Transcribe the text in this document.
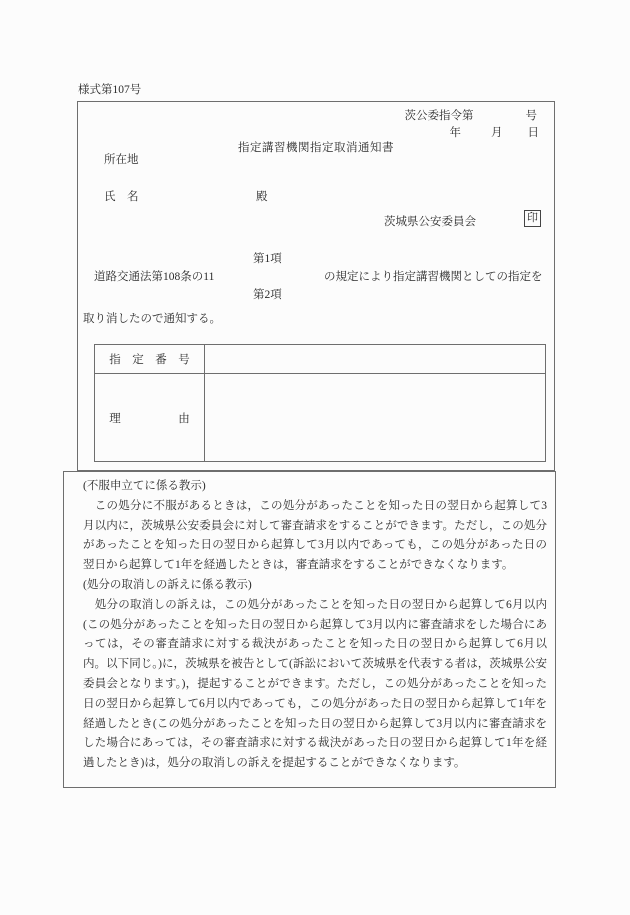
様式第107号
茨公委指令第	号
年	月 日
指定講習機関指定取消通知書
所在地
氏　名	殿
茨城県公安委員会	印
第1項
道路交通法第108条の11
第2項
の規定により指定講習機関としての指定を
取り消したので通知する。
指　定　番　号
理　　　　　由
(不服申立てに係る教示)
　この処分に不服があるときは，この処分があったことを知った日の翌日から起算して3月以内に，茨城県公安委員会に対して審査請求をすることができます。ただし，この処分があったことを知った日の翌日から起算して3月以内であっても，この処分があった日の翌日から起算して1年を経過したときは，審査請求をすることができなくなります。
(処分の取消しの訴えに係る教示)
　処分の取消しの訴えは，この処分があったことを知った日の翌日から起算して6月以内(この処分があったことを知った日の翌日から起算して3月以内に審査請求をした場合にあっては，その審査請求に対する裁決があったことを知った日の翌日から起算して6月以内。以下同じ。)に，茨城県を被告として(訴訟において茨城県を代表する者は，茨城県公安委員会となります。)，提起することができます。ただし，この処分があったことを知った日の翌日から起算して6月以内であっても，この処分があった日の翌日から起算して1年を経過したとき(この処分があったことを知った日の翌日から起算して3月以内に審査請求をした場合にあっては，その審査請求に対する裁決があった日の翌日から起算して1年を経過したとき)は，処分の取消しの訴えを提起することができなくなります。
